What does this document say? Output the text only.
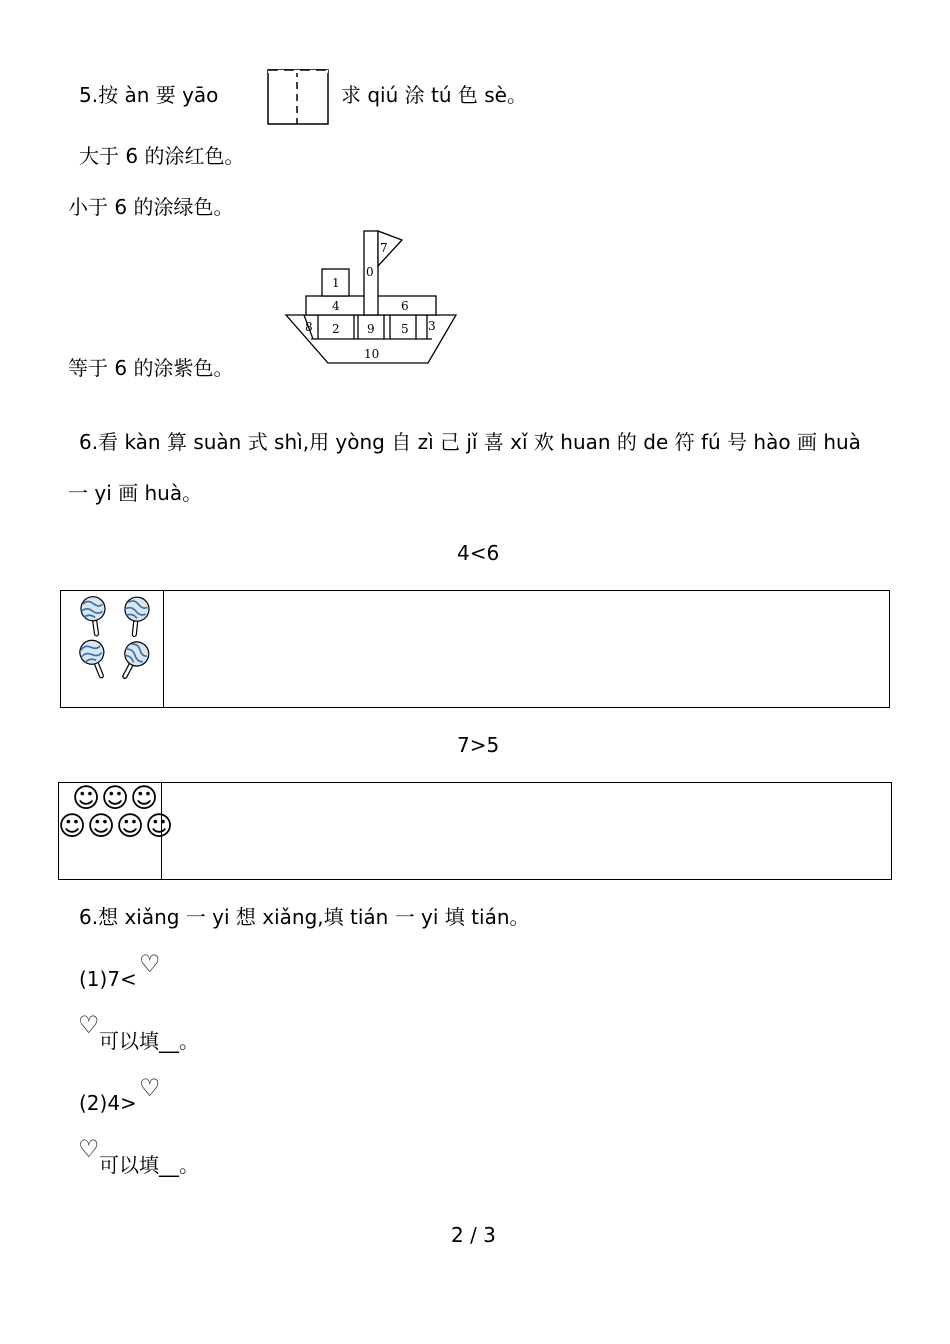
5.按 àn 要 yāo	求 qiú 涂 tú 色 sè。
大于 6 的涂红色。
小于 6 的涂绿色。
7
0
1
4	6
8 2 9 5 3
10
等于 6 的涂紫色。
6.看 kàn 算 suàn 式 shì,用 yòng 自 zì 己 jǐ 喜 xǐ 欢 huan 的 de 符 fú 号 hào 画 huà
一 yi 画 huà。
4<6
7>5
☺ ☺ ☺
☺ ☺ ☺ ☺
6.想 xiǎng 一 yi 想 xiǎng,填 tián 一 yi 填 tián。
(1)7<
♡
♡
可以填__。
(2)4>
♡
♡
可以填__。
2 / 3
